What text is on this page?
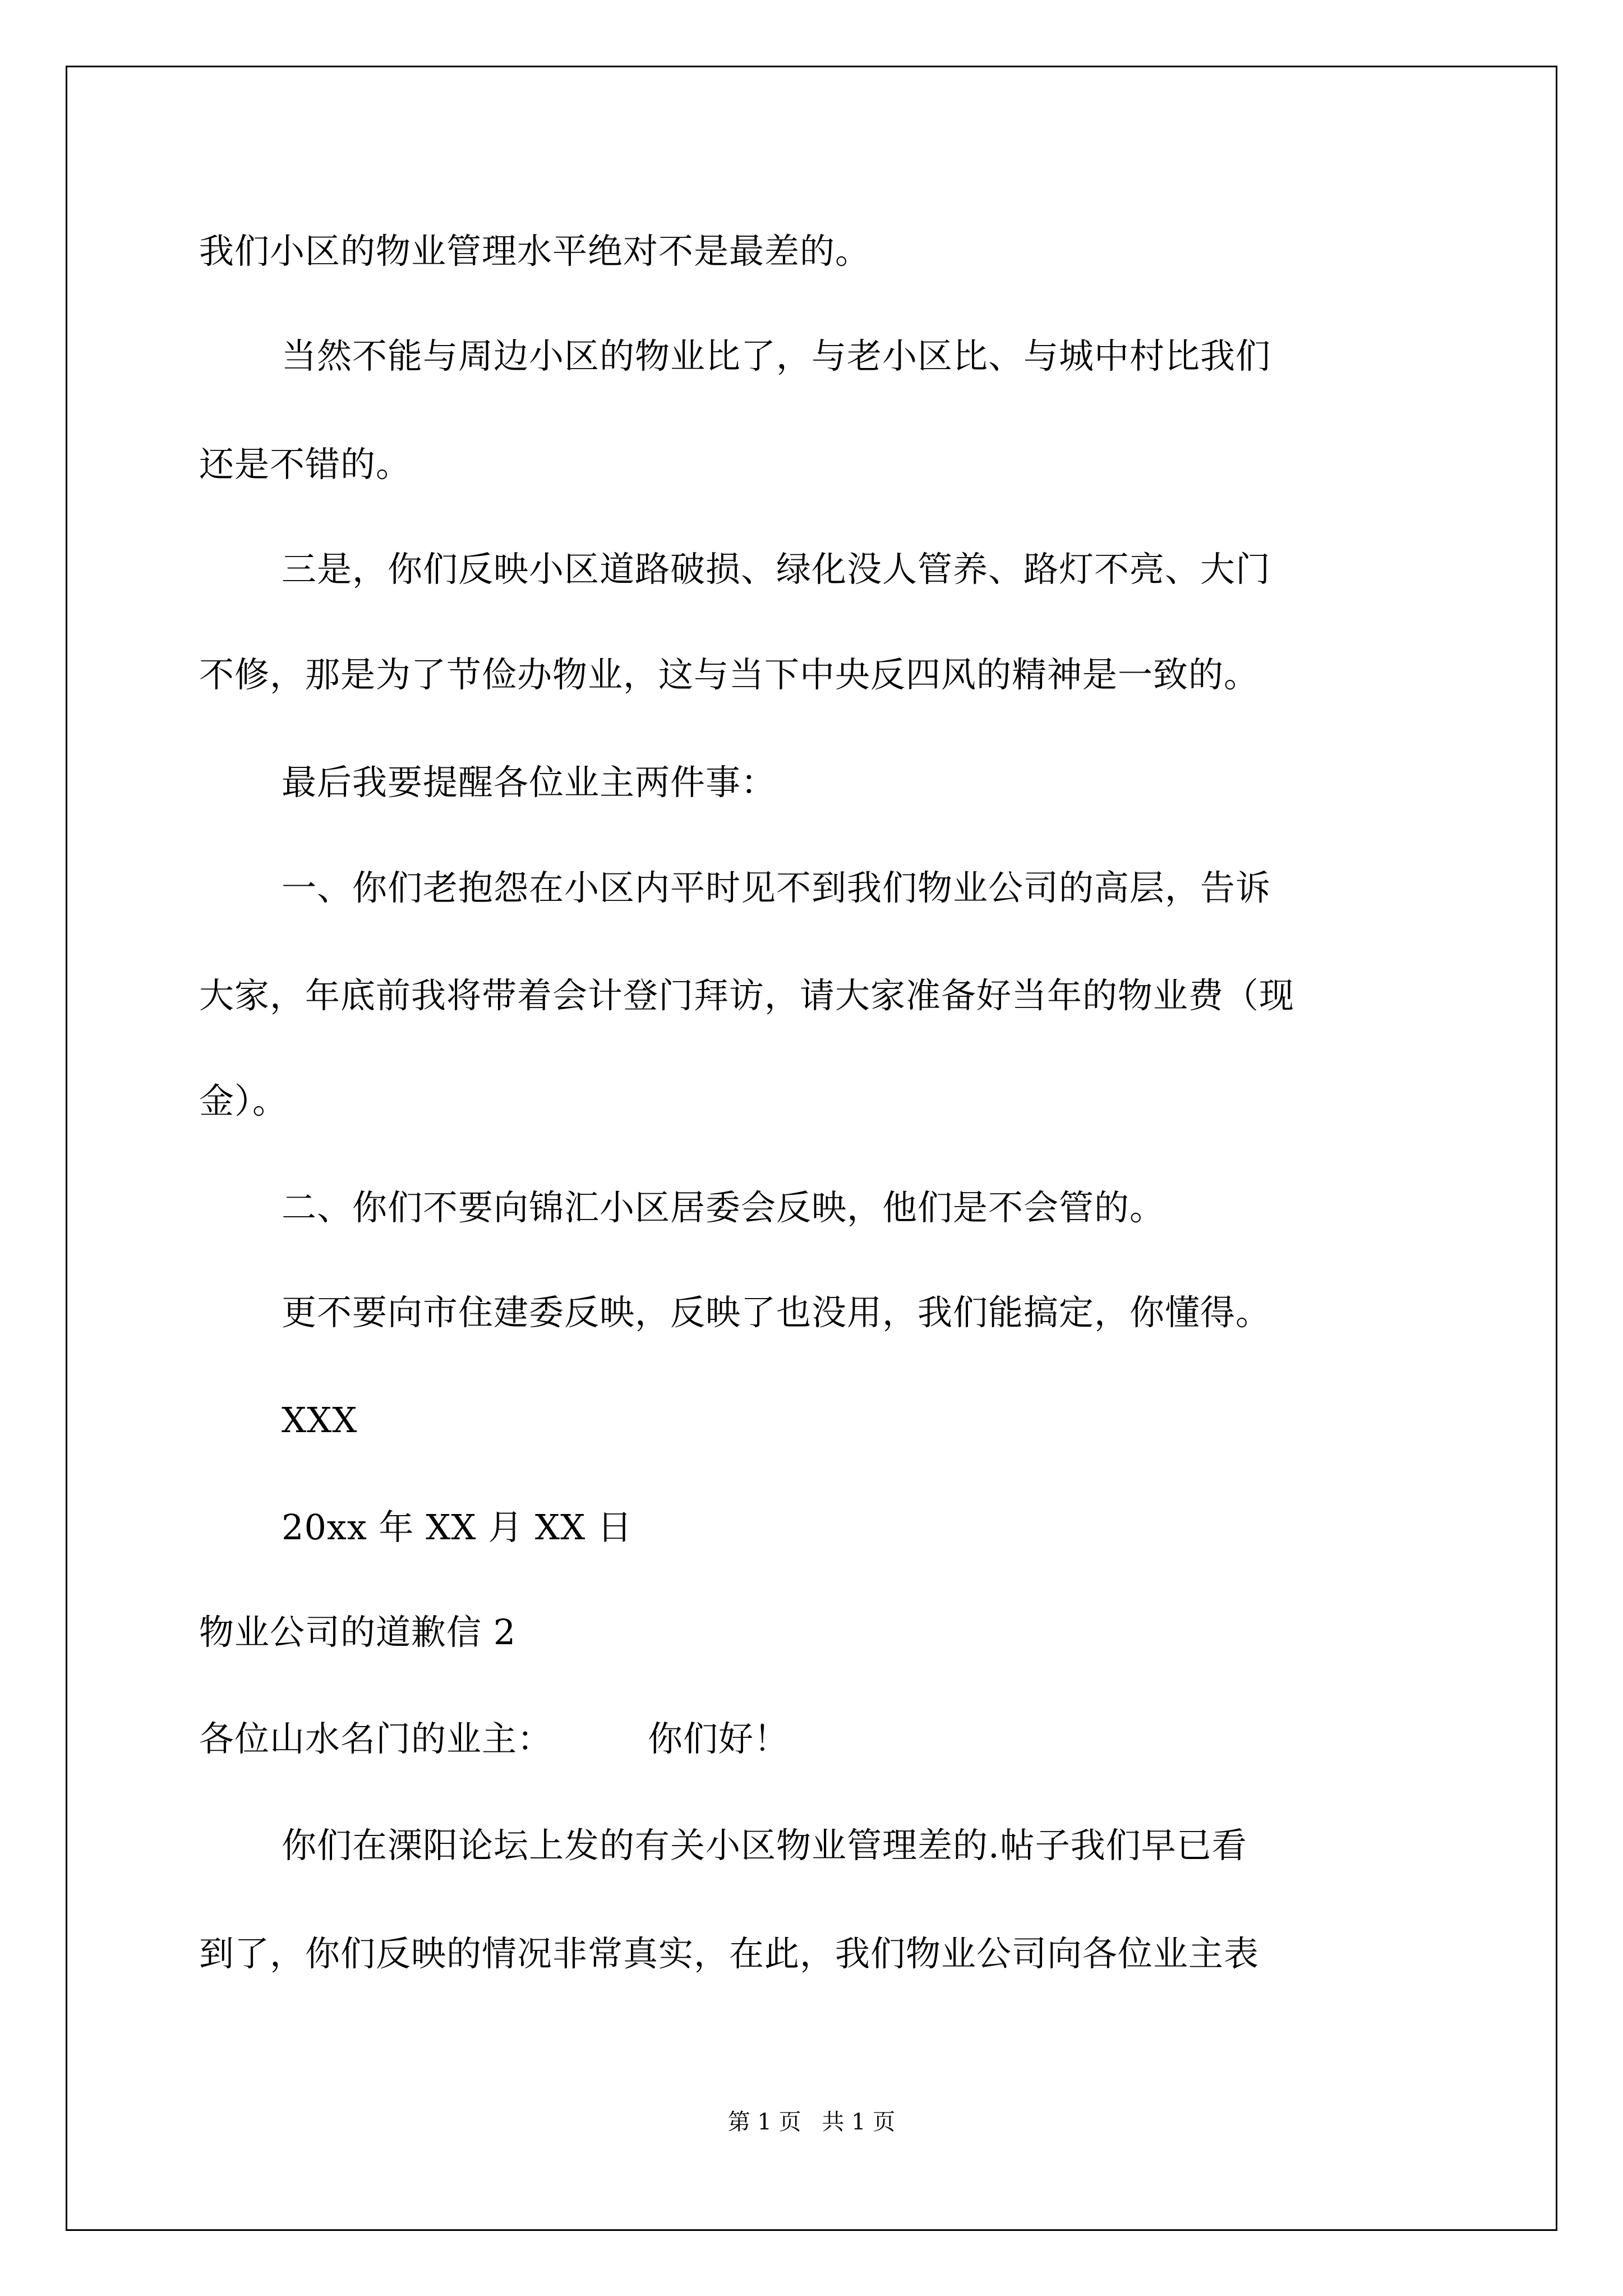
我们小区的物业管理水平绝对不是最差的。
当然不能与周边小区的物业比了，与老小区比、与城中村比我们
还是不错的。
三是，你们反映小区道路破损、绿化没人管养、路灯不亮、大门
不修，那是为了节俭办物业，这与当下中央反四风的精神是一致的。
最后我要提醒各位业主两件事：
一、你们老抱怨在小区内平时见不到我们物业公司的高层，告诉
大家，年底前我将带着会计登门拜访，请大家准备好当年的物业费（现
金）。
二、你们不要向锦汇小区居委会反映，他们是不会管的。
更不要向市住建委反映，反映了也没用，我们能搞定，你懂得。
XXX
20xx 年 XX 月 XX 日
物业公司的道歉信 2
各位山水名门的业主：	你们好！
你们在溧阳论坛上发的有关小区物业管理差的.帖子我们早已看
到了，你们反映的情况非常真实，在此，我们物业公司向各位业主表
第 1 页 共 1 页
